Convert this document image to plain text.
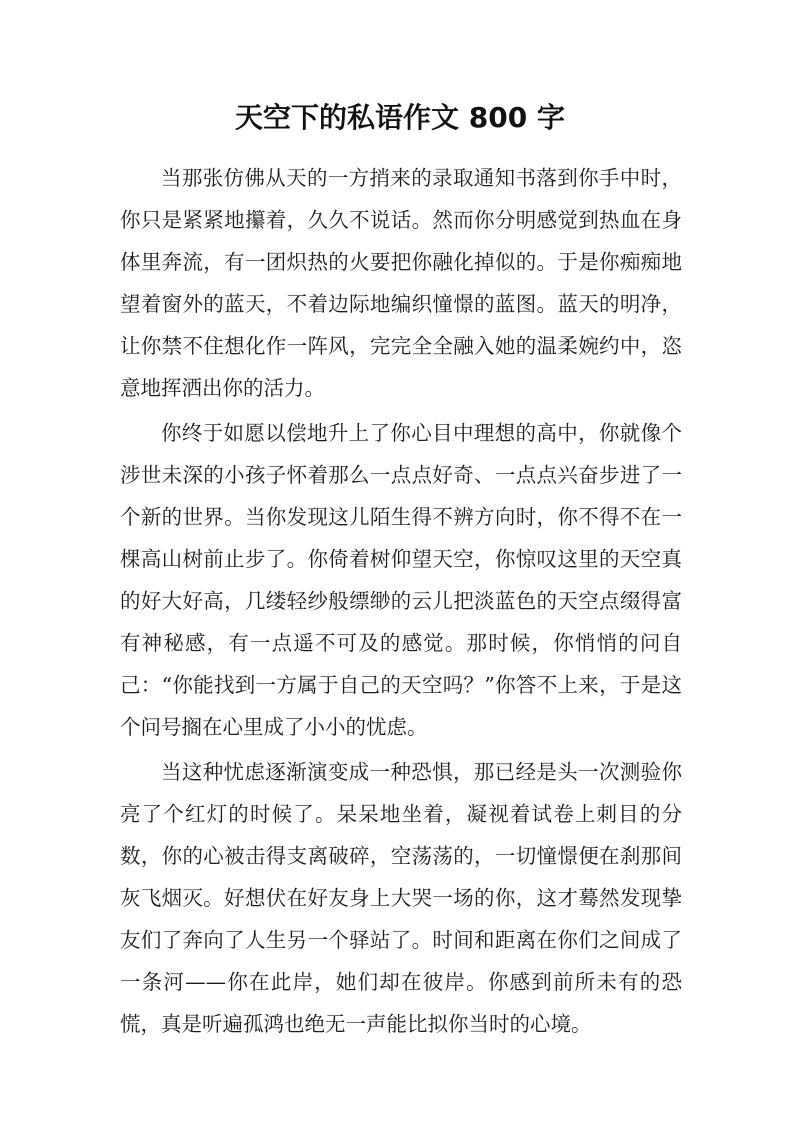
天空下的私语作文 800 字

当那张仿佛从天的一方捎来的录取通知书落到你手中时，你只是紧紧地攥着，久久不说话。然而你分明感觉到热血在身体里奔流，有一团炽热的火要把你融化掉似的。于是你痴痴地望着窗外的蓝天，不着边际地编织憧憬的蓝图。蓝天的明净，让你禁不住想化作一阵风，完完全全融入她的温柔婉约中，恣意地挥洒出你的活力。

你终于如愿以偿地升上了你心目中理想的高中，你就像个涉世未深的小孩子怀着那么一点点好奇、一点点兴奋步进了一个新的世界。当你发现这儿陌生得不辨方向时，你不得不在一棵高山树前止步了。你倚着树仰望天空，你惊叹这里的天空真的好大好高，几缕轻纱般缥缈的云儿把淡蓝色的天空点缀得富有神秘感，有一点遥不可及的感觉。那时候，你悄悄的问自己：“你能找到一方属于自己的天空吗？”你答不上来，于是这个问号搁在心里成了小小的忧虑。

当这种忧虑逐渐演变成一种恐惧，那已经是头一次测验你亮了个红灯的时候了。呆呆地坐着，凝视着试卷上刺目的分数，你的心被击得支离破碎，空荡荡的，一切憧憬便在刹那间灰飞烟灭。好想伏在好友身上大哭一场的你，这才蓦然发现挚友们了奔向了人生另一个驿站了。时间和距离在你们之间成了一条河——你在此岸，她们却在彼岸。你感到前所未有的恐慌，真是听遍孤鸿也绝无一声能比拟你当时的心境。
